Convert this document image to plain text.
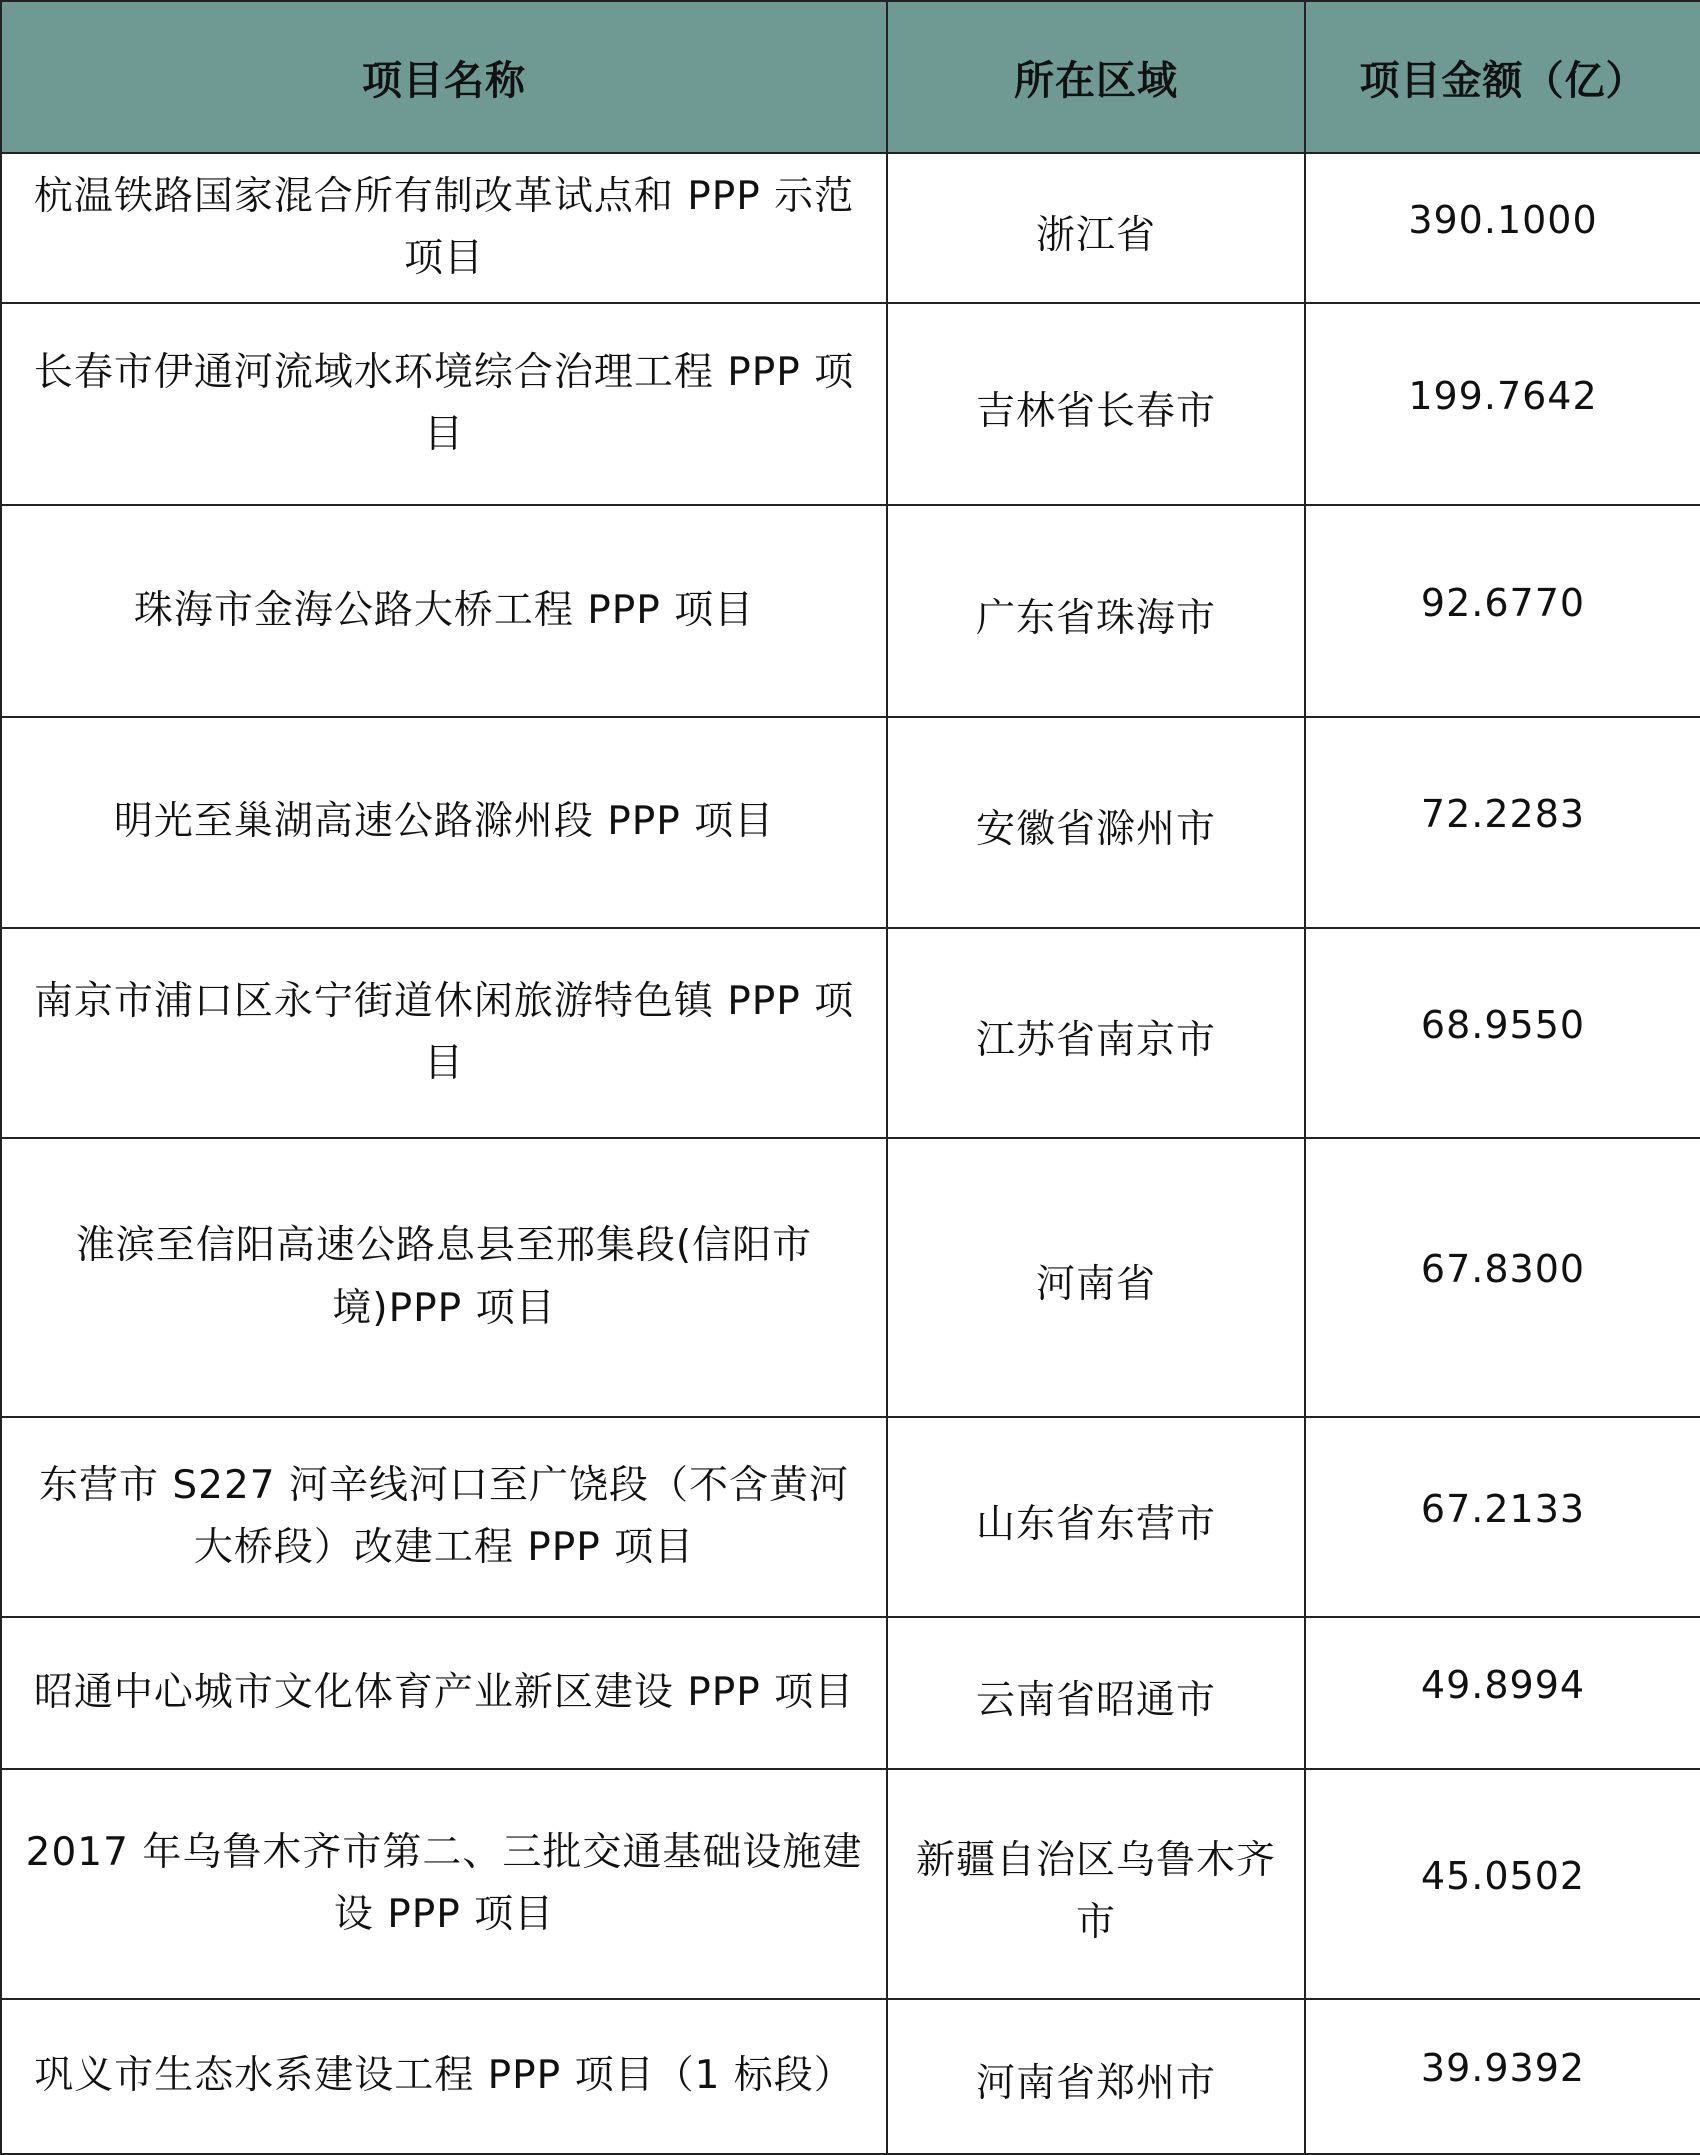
项目名称	所在区域	项目金额（亿）
杭温铁路国家混合所有制改革试点和 PPP 示范项目	浙江省	390.1000
长春市伊通河流域水环境综合治理工程 PPP 项目	吉林省长春市	199.7642
珠海市金海公路大桥工程 PPP 项目	广东省珠海市	92.6770
明光至巢湖高速公路滁州段 PPP 项目	安徽省滁州市	72.2283
南京市浦口区永宁街道休闲旅游特色镇 PPP 项目	江苏省南京市	68.9550
淮滨至信阳高速公路息县至邢集段(信阳市境)PPP 项目	河南省	67.8300
东营市 S227 河辛线河口至广饶段（不含黄河大桥段）改建工程 PPP 项目	山东省东营市	67.2133
昭通中心城市文化体育产业新区建设 PPP 项目	云南省昭通市	49.8994
2017 年乌鲁木齐市第二、三批交通基础设施建设 PPP 项目	新疆自治区乌鲁木齐市	45.0502
巩义市生态水系建设工程 PPP 项目（1 标段）	河南省郑州市	39.9392
